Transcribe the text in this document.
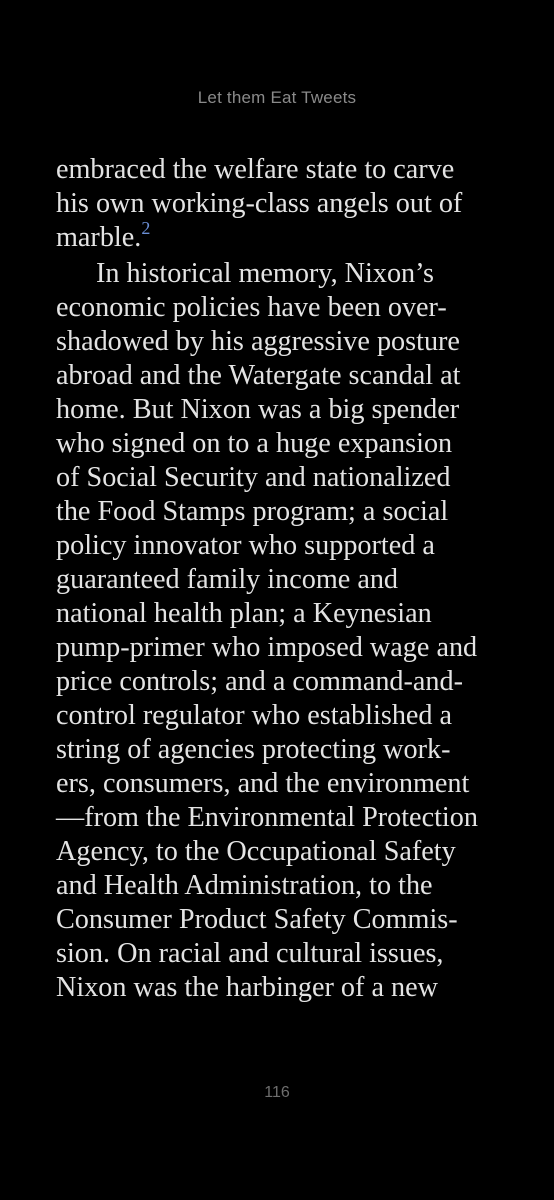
Let them Eat Tweets
embraced the welfare state to carve
his own working-class angels out of
marble.$^2$
In historical memory, Nixon’s
economic policies have been over-
shadowed by his aggressive posture
abroad and the Watergate scandal at
home. But Nixon was a big spender
who signed on to a huge expansion
of Social Security and nationalized
the Food Stamps program; a social
policy innovator who supported a
guaranteed family income and
national health plan; a Keynesian
pump-primer who imposed wage and
price controls; and a command-and-
control regulator who established a
string of agencies protecting work-
ers, consumers, and the environment
—from the Environmental Protection
Agency, to the Occupational Safety
and Health Administration, to the
Consumer Product Safety Commis-
sion. On racial and cultural issues,
Nixon was the harbinger of a new
116
